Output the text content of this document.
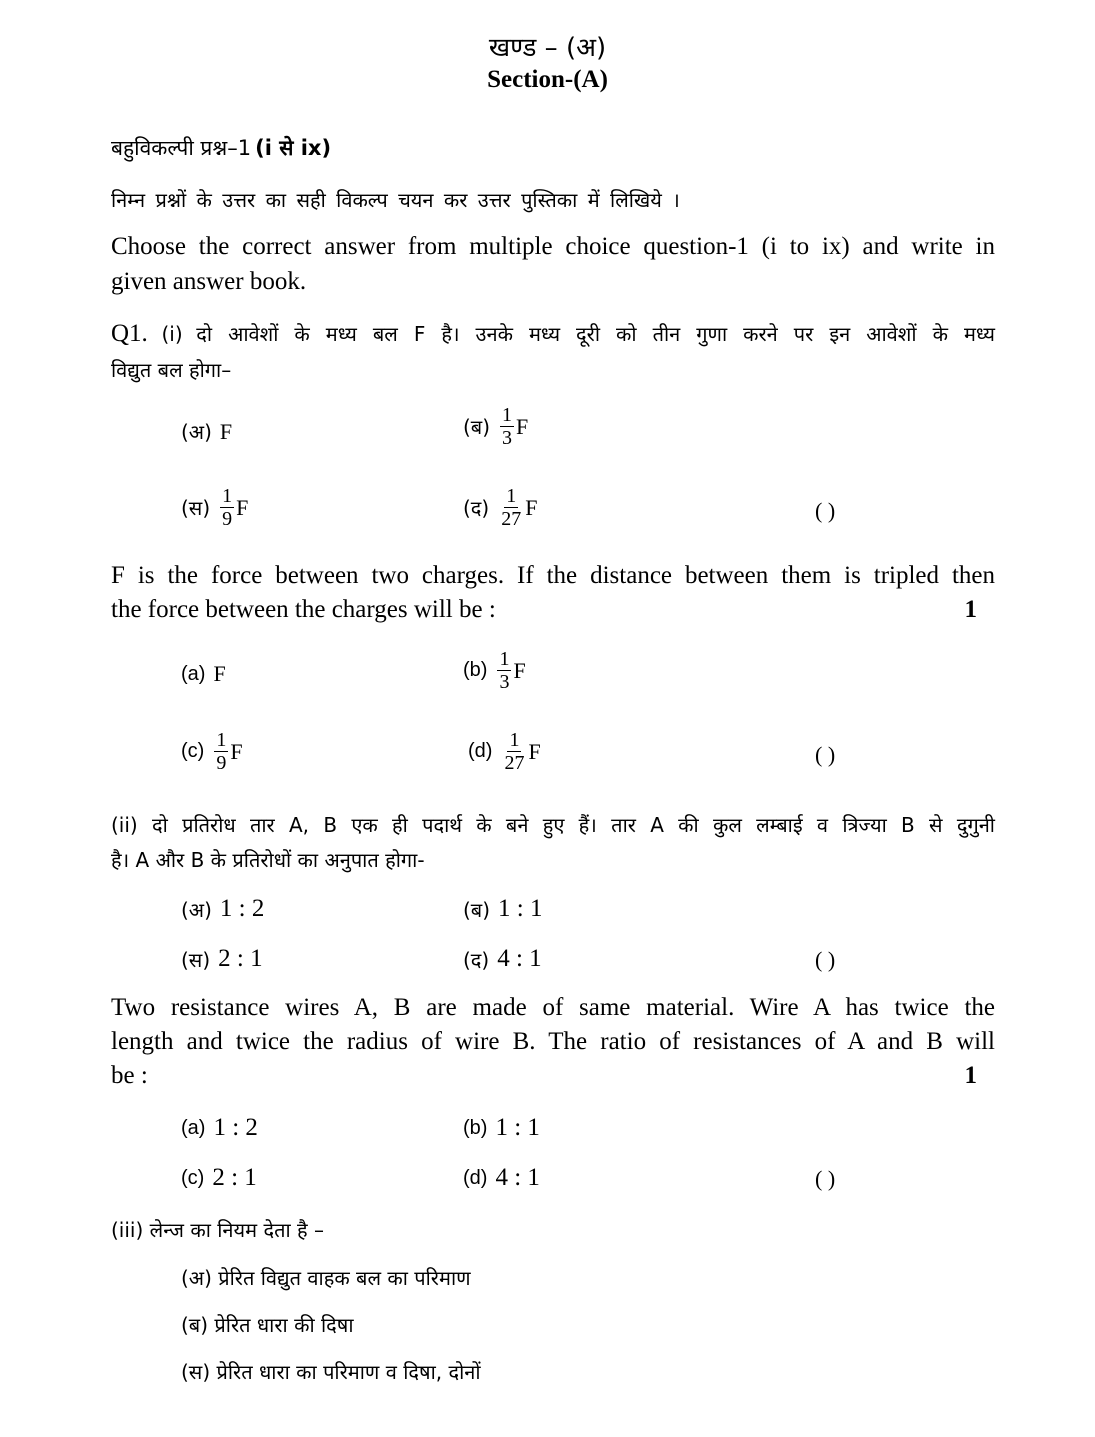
खण्ड – (अ)
Section-(A)
बहुविकल्पी प्रश्न–1 (i से ix)
निम्न प्रश्नों के उत्तर का सही विकल्प चयन कर उत्तर पुस्तिका में लिखिये ।
Choose the correct answer from multiple choice question-1 (i to ix) and write in
given answer book.
Q1. (i) दो आवेशों के मध्य बल F है। उनके मध्य दूरी को तीन गुणा करने पर इन आवेशों के मध्य
विद्युत बल होगा–
(अ) F	(ब) $\frac{1}{3}$ F
(स) $\frac{1}{9}$ F	(द) $\frac{1}{27}$ F	( )
F is the force between two charges. If the distance between them is tripled then
the force between the charges will be :	1
(a) F	$(b) \frac{1}{3}$ F
$(c) \frac{1}{9}$ F	$(d) \frac{1}{27}$ F	( )
(ii) दो प्रतिरोध तार A, B एक ही पदार्थ के बने हुए हैं। तार A की कुल लम्बाई व त्रिज्या B से दुगुनी
है। A और B के प्रतिरोधों का अनुपात होगा-
(अ) 1 : 2	(ब) 1 : 1
(स) 2 : 1	(द) 4 : 1	( )
Two resistance wires A, B are made of same material. Wire A has twice the
length and twice the radius of wire B. The ratio of resistances of A and B will
be :	1
(a) 1 : 2	(b) 1 : 1
(c) 2 : 1	(d) 4 : 1	( )
(iii) लेन्ज का नियम देता है –
(अ) प्रेरित विद्युत वाहक बल का परिमाण
(ब) प्रेरित धारा की दिषा
(स) प्रेरित धारा का परिमाण व दिषा, दोनों
